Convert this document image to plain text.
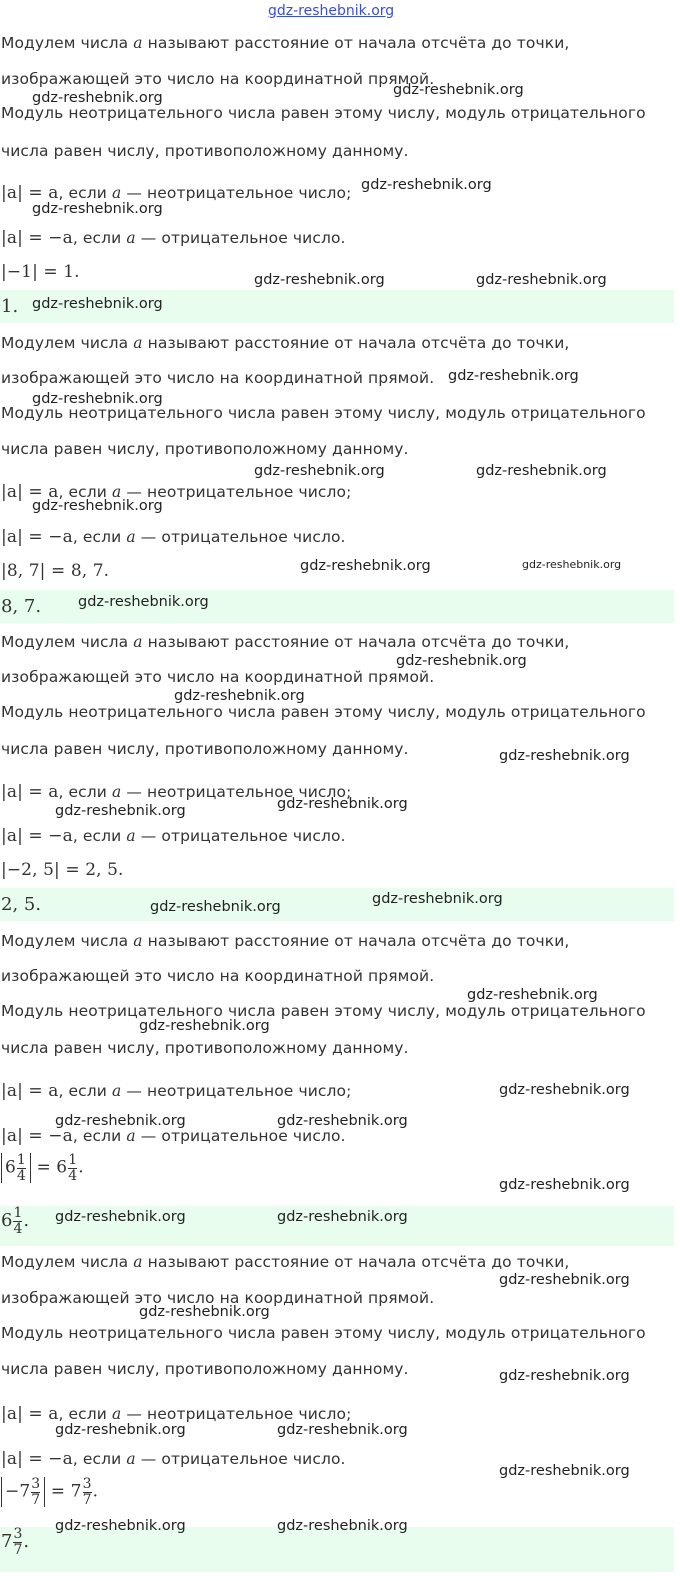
gdz-reshebnik.org
Модулем числа a называют расстояние от начала отсчёта до точки,
изображающей это число на координатной прямой.
Модуль неотрицательного числа равен этому числу, модуль отрицательного
числа равен числу, противоположному данному.
|a| = a, если a — неотрицательное число;
|a| = −a, если a — отрицательное число.
|−1| = 1.
1.
Модулем числа a называют расстояние от начала отсчёта до точки,
изображающей это число на координатной прямой.
Модуль неотрицательного числа равен этому числу, модуль отрицательного
числа равен числу, противоположному данному.
|a| = a, если a — неотрицательное число;
|a| = −a, если a — отрицательное число.
|8, 7| = 8, 7.
8, 7.
Модулем числа a называют расстояние от начала отсчёта до точки,
изображающей это число на координатной прямой.
Модуль неотрицательного числа равен этому числу, модуль отрицательного
числа равен числу, противоположному данному.
|a| = a, если a — неотрицательное число;
|a| = −a, если a — отрицательное число.
|−2, 5| = 2, 5.
2, 5.
Модулем числа a называют расстояние от начала отсчёта до точки,
изображающей это число на координатной прямой.
Модуль неотрицательного числа равен этому числу, модуль отрицательного
числа равен числу, противоположному данному.
|a| = a, если a — неотрицательное число;
|a| = −a, если a — отрицательное число.
$6 \frac{1}{4} = 6 \frac{1}{4}$ .
$6 \frac{1}{4}$ .
Модулем числа a называют расстояние от начала отсчёта до точки,
изображающей это число на координатной прямой.
Модуль неотрицательного числа равен этому числу, модуль отрицательного
числа равен числу, противоположному данному.
|a| = a, если a — неотрицательное число;
|a| = −a, если a — отрицательное число.
$-7 \frac{3}{7} = 7 \frac{3}{7}$ .
$7 \frac{3}{7}$ .
gdz-reshebnik.org	gdz-reshebnik.org
gdz-reshebnik.org
gdz-reshebnik.org
gdz-reshebnik.org	gdz-reshebnik.org
gdz-reshebnik.org
gdz-reshebnik.org
gdz-reshebnik.org
gdz-reshebnik.org	gdz-reshebnik.org
gdz-reshebnik.org
gdz-reshebnik.org	gdz-reshebnik.org
gdz-reshebnik.org
gdz-reshebnik.org
gdz-reshebnik.org
gdz-reshebnik.org
gdz-reshebnik.org
gdz-reshebnik.org
gdz-reshebnik.org
gdz-reshebnik.org
gdz-reshebnik.org
gdz-reshebnik.org
gdz-reshebnik.org
gdz-reshebnik.org	gdz-reshebnik.org
gdz-reshebnik.org
gdz-reshebnik.org	gdz-reshebnik.org
gdz-reshebnik.org
gdz-reshebnik.org
gdz-reshebnik.org
gdz-reshebnik.org	gdz-reshebnik.org
gdz-reshebnik.org
gdz-reshebnik.org	gdz-reshebnik.org
